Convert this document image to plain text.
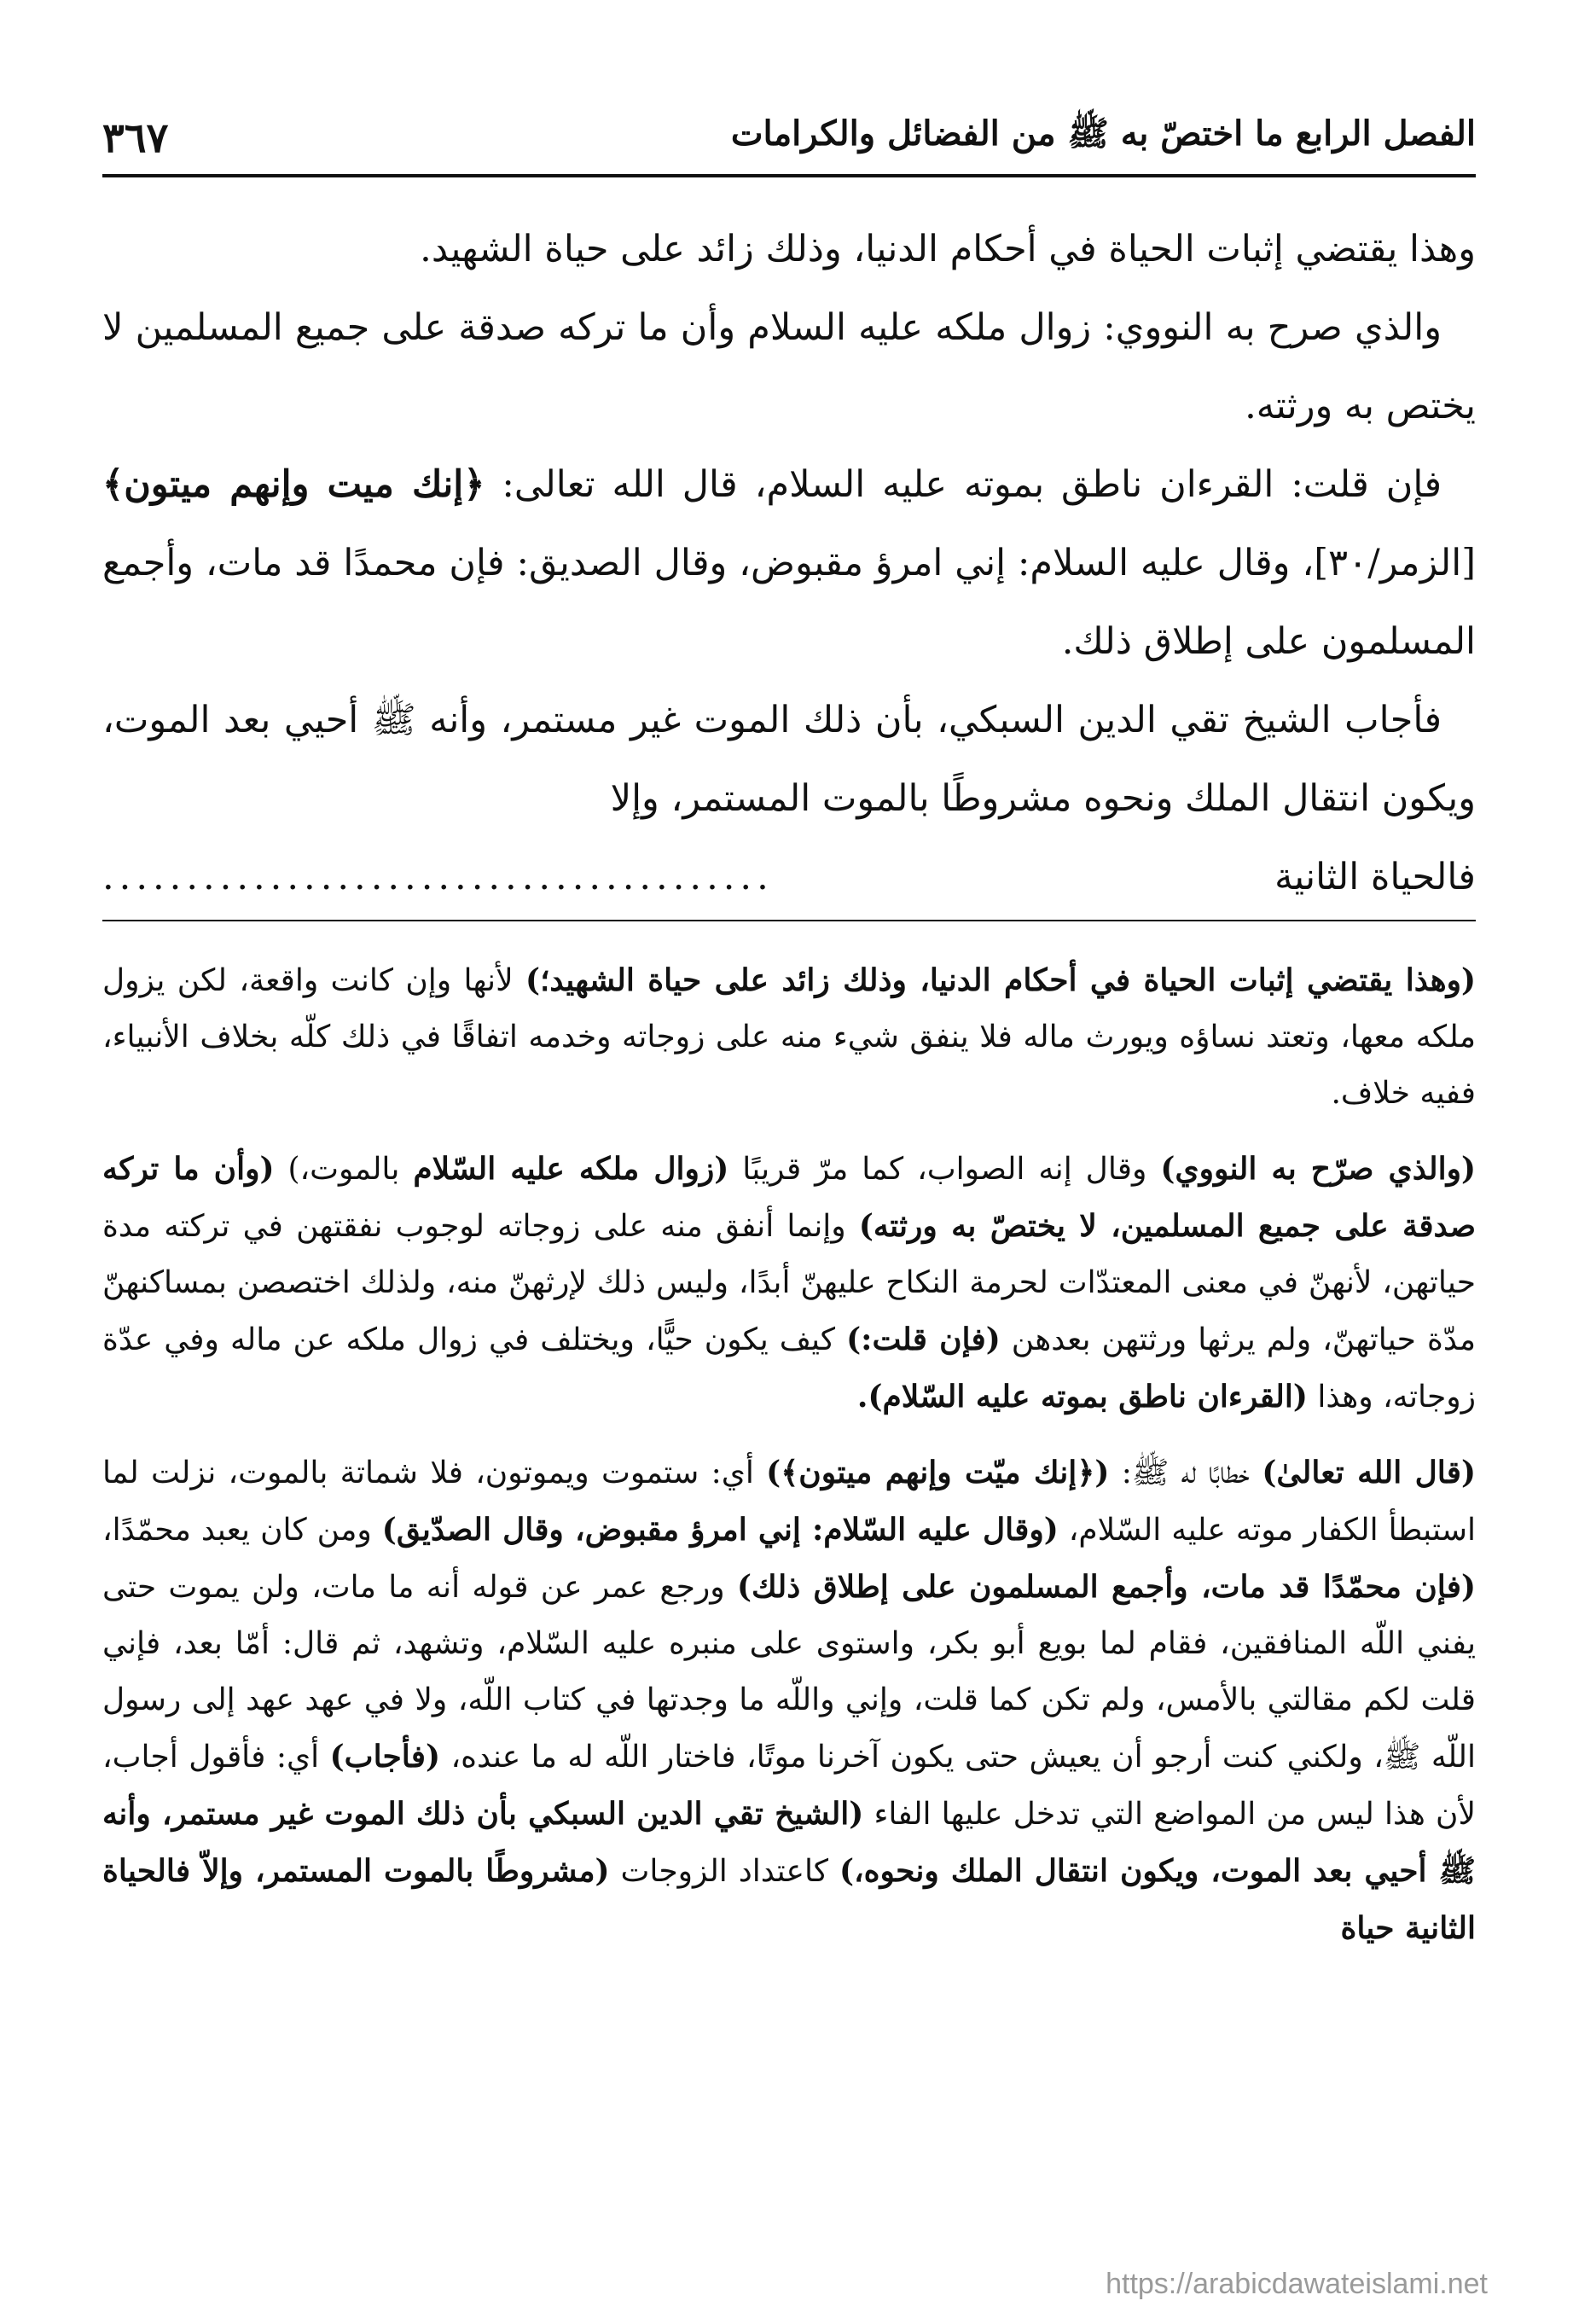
الفصل الرابع ما اختصّ به ﷺ من الفضائل والكرامات
٣٦٧

وهذا يقتضي إثبات الحياة في أحكام الدنيا، وذلك زائد على حياة الشهيد.

والذي صرح به النووي: زوال ملكه عليه السلام وأن ما تركه صدقة على جميع المسلمين لا يختص به ورثته.

فإن قلت: القرءان ناطق بموته عليه السلام، قال الله تعالى: ﴿إنك ميت وإنهم ميتون﴾ [الزمر/٣٠]، وقال عليه السلام: إني امرؤ مقبوض، وقال الصديق: فإن محمدًا قد مات، وأجمع المسلمون على إطلاق ذلك.

فأجاب الشيخ تقي الدين السبكي، بأن ذلك الموت غير مستمر، وأنه ﷺ أحيي بعد الموت، ويكون انتقال الملك ونحوه مشروطًا بالموت المستمر، وإلا

فالحياة الثانية
........................................

(وهذا يقتضي إثبات الحياة في أحكام الدنيا، وذلك زائد على حياة الشهيد؛) لأنها وإن كانت واقعة، لكن يزول ملكه معها، وتعتد نساؤه ويورث ماله فلا ينفق شيء منه على زوجاته وخدمه اتفاقًا في ذلك كلّه بخلاف الأنبياء، ففيه خلاف.

(والذي صرّح به النووي) وقال إنه الصواب، كما مرّ قريبًا (زوال ملكه عليه السّلام بالموت،) (وأن ما تركه صدقة على جميع المسلمين، لا يختصّ به ورثته) وإنما أنفق منه على زوجاته لوجوب نفقتهن في تركته مدة حياتهن، لأنهنّ في معنى المعتدّات لحرمة النكاح عليهنّ أبدًا، وليس ذلك لإرثهنّ منه، ولذلك اختصصن بمساكنهنّ مدّة حياتهنّ، ولم يرثها ورثتهن بعدهن (فإن قلت:) كيف يكون حيًّا، ويختلف في زوال ملكه عن ماله وفي عدّة زوجاته، وهذا (القرءان ناطق بموته عليه السّلام).

(قال الله تعالىٰ) خطابًا له ﷺ: (﴿إنك ميّت وإنهم ميتون﴾) أي: ستموت ويموتون، فلا شماتة بالموت، نزلت لما استبطأ الكفار موته عليه السّلام، (وقال عليه السّلام: إني امرؤ مقبوض، وقال الصدّيق) ومن كان يعبد محمّدًا، (فإن محمّدًا قد مات، وأجمع المسلمون على إطلاق ذلك) ورجع عمر عن قوله أنه ما مات، ولن يموت حتى يفني اللّه المنافقين، فقام لما بويع أبو بكر، واستوى على منبره عليه السّلام، وتشهد، ثم قال: أمّا بعد، فإني قلت لكم مقالتي بالأمس، ولم تكن كما قلت، وإني واللّه ما وجدتها في كتاب اللّه، ولا في عهد عهد إلى رسول اللّه ﷺ، ولكني كنت أرجو أن يعيش حتى يكون آخرنا موتًا، فاختار اللّه له ما عنده، (فأجاب) أي: فأقول أجاب، لأن هذا ليس من المواضع التي تدخل عليها الفاء (الشيخ تقي الدين السبكي بأن ذلك الموت غير مستمر، وأنه ﷺ أحيي بعد الموت، ويكون انتقال الملك ونحوه،) كاعتداد الزوجات (مشروطًا بالموت المستمر، وإلاّ فالحياة الثانية حياة

https://arabicdawateislami.net
